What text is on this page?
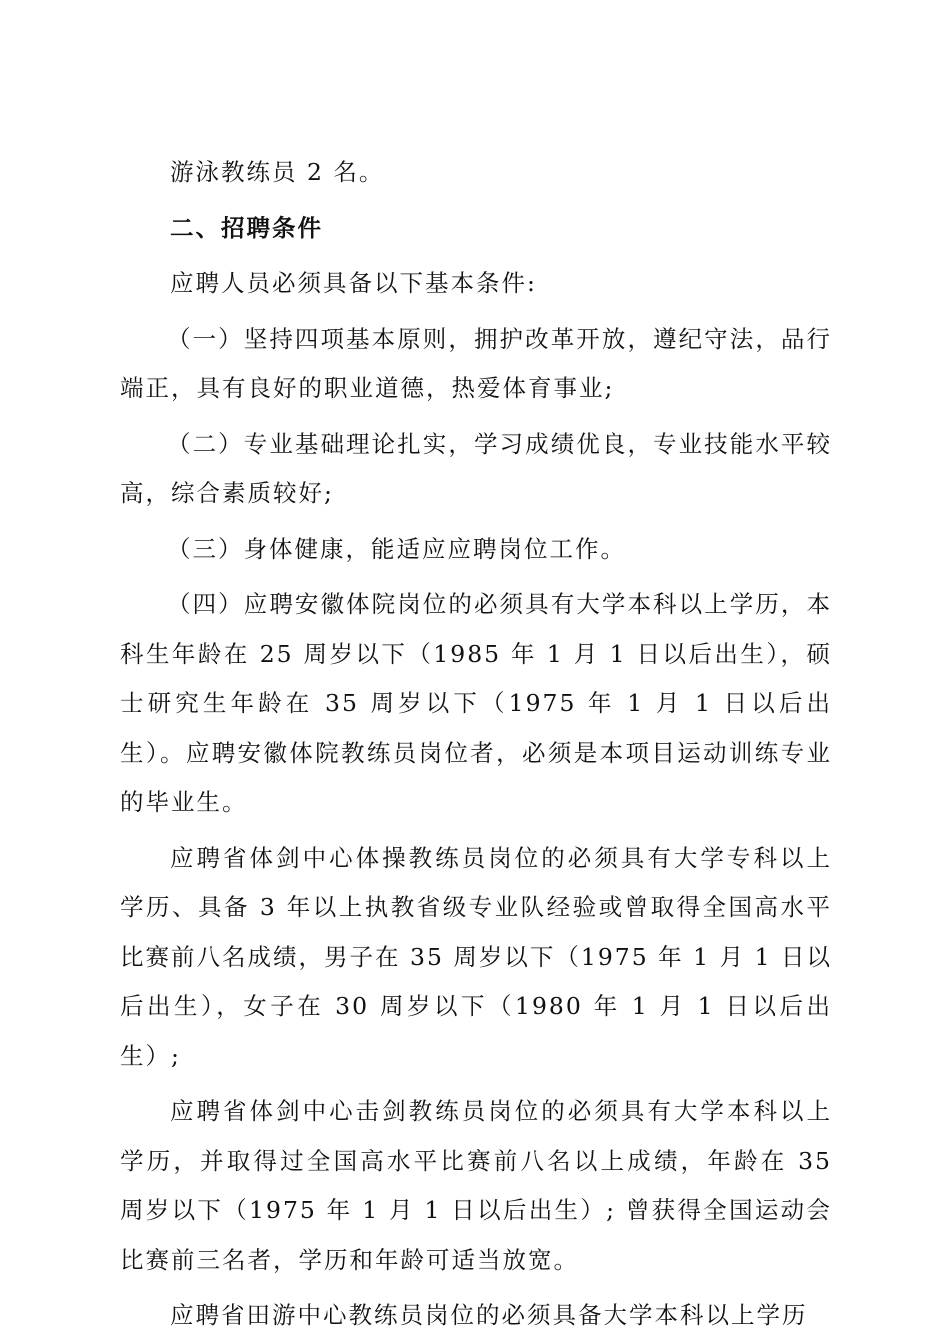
游泳教练员 2 名。

二、招聘条件

应聘人员必须具备以下基本条件:

（一）坚持四项基本原则，拥护改革开放，遵纪守法，品行端正，具有良好的职业道德，热爱体育事业;

（二）专业基础理论扎实，学习成绩优良，专业技能水平较高，综合素质较好;

（三）身体健康，能适应应聘岗位工作。

（四）应聘安徽体院岗位的必须具有大学本科以上学历，本科生年龄在 25 周岁以下（1985 年 1 月 1 日以后出生），硕士研究生年龄在 35 周岁以下（1975 年 1 月 1 日以后出生）。应聘安徽体院教练员岗位者，必须是本项目运动训练专业的毕业生。

应聘省体剑中心体操教练员岗位的必须具有大学专科以上学历、具备 3 年以上执教省级专业队经验或曾取得全国高水平比赛前八名成绩，男子在 35 周岁以下（1975 年 1 月 1 日以后出生），女子在 30 周岁以下（1980 年 1 月 1 日以后出生）;

应聘省体剑中心击剑教练员岗位的必须具有大学本科以上学历，并取得过全国高水平比赛前八名以上成绩，年龄在 35 周岁以下（1975 年 1 月 1 日以后出生）; 曾获得全国运动会比赛前三名者，学历和年龄可适当放宽。

应聘省田游中心教练员岗位的必须具备大学本科以上学历
